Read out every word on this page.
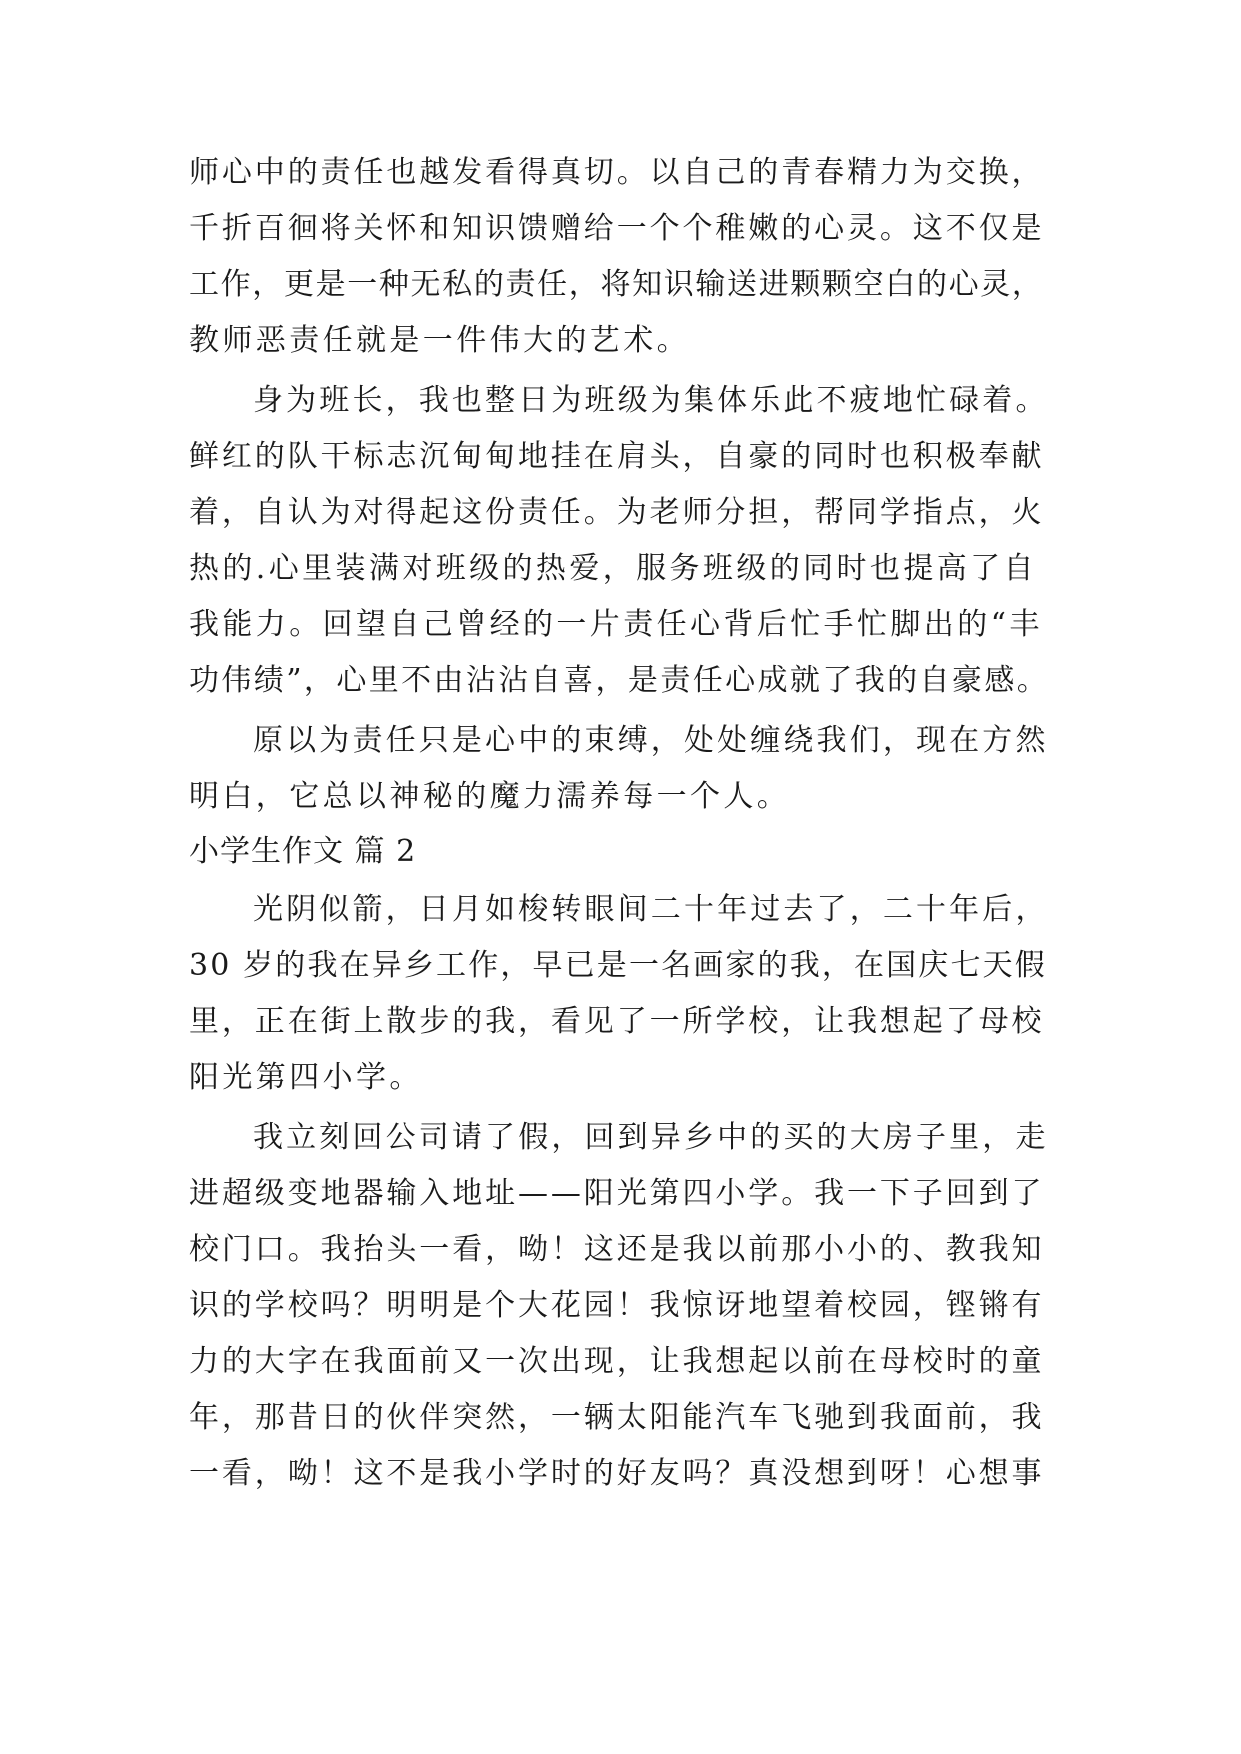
师心中的责任也越发看得真切。以自己的青春精力为交换，
千折百徊将关怀和知识馈赠给一个个稚嫩的心灵。这不仅是
工作，更是一种无私的责任，将知识输送进颗颗空白的心灵，
教师恶责任就是一件伟大的艺术。
身为班长，我也整日为班级为集体乐此不疲地忙碌着。
鲜红的队干标志沉甸甸地挂在肩头，自豪的同时也积极奉献
着，自认为对得起这份责任。为老师分担，帮同学指点，火
热的.心里装满对班级的热爱，服务班级的同时也提高了自
我能力。回望自己曾经的一片责任心背后忙手忙脚出的“丰
功伟绩”，心里不由沾沾自喜，是责任心成就了我的自豪感。
原以为责任只是心中的束缚，处处缠绕我们，现在方然
明白，它总以神秘的魔力濡养每一个人。
小学生作文 篇 2
光阴似箭，日月如梭转眼间二十年过去了，二十年后，
30 岁的我在异乡工作，早已是一名画家的我，在国庆七天假
里，正在街上散步的我，看见了一所学校，让我想起了母校
阳光第四小学。
我立刻回公司请了假，回到异乡中的买的大房子里，走
进超级变地器输入地址——阳光第四小学。我一下子回到了
校门口。我抬头一看，呦！这还是我以前那小小的、教我知
识的学校吗？明明是个大花园！我惊讶地望着校园，铿锵有
力的大字在我面前又一次出现，让我想起以前在母校时的童
年，那昔日的伙伴突然，一辆太阳能汽车飞驰到我面前，我
一看，呦！这不是我小学时的好友吗？真没想到呀！心想事
